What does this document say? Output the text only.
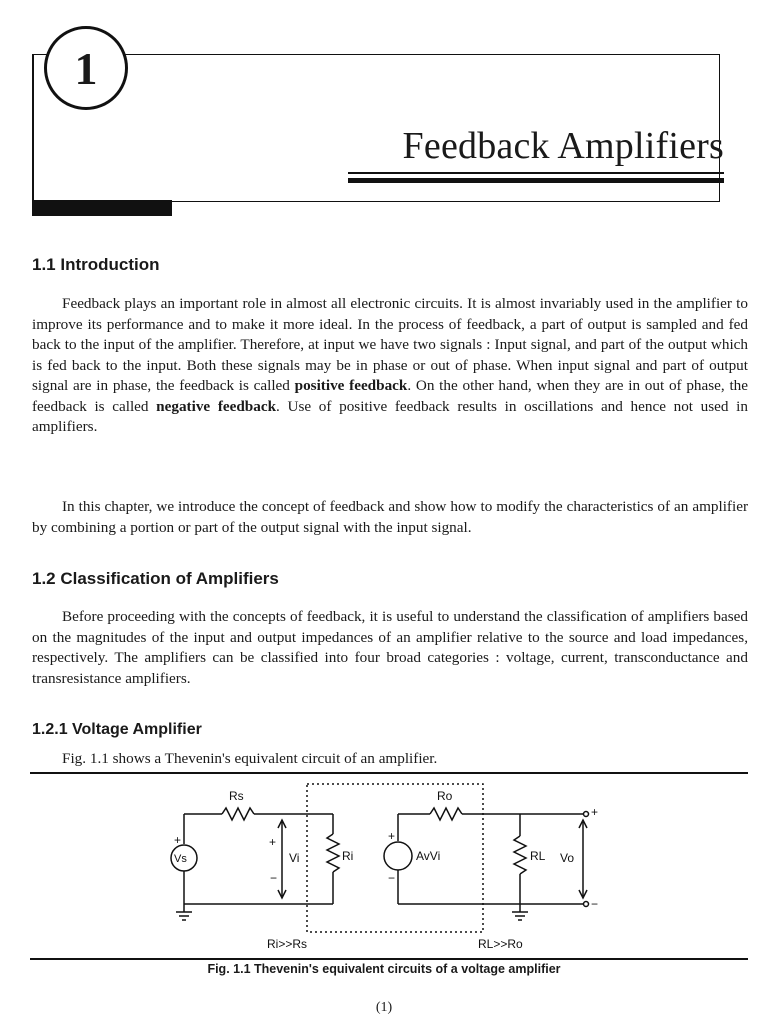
1
Feedback Amplifiers
1.1 Introduction

Feedback plays an important role in almost all electronic circuits. It is almost invariably used in the amplifier to improve its performance and to make it more ideal. In the process of feedback, a part of output is sampled and fed back to the input of the amplifier. Therefore, at input we have two signals : Input signal, and part of the output which is fed back to the input. Both these signals may be in phase or out of phase. When input signal and part of output signal are in phase, the feedback is called positive feedback. On the other hand, when they are in out of phase, the feedback is called negative feedback. Use of positive feedback results in oscillations and hence not used in amplifiers.

In this chapter, we introduce the concept of feedback and show how to modify the characteristics of an amplifier by combining a portion or part of the output signal with the input signal.

1.2 Classification of Amplifiers

Before proceeding with the concepts of feedback, it is useful to understand the classification of amplifiers based on the magnitudes of the input and output impedances of an amplifier relative to the source and load impedances, respectively. The amplifiers can be classified into four broad categories : voltage, current, transconductance and transresistance amplifiers.

1.2.1 Voltage Amplifier

Fig. 1.1 shows a Thevenin's equivalent circuit of an amplifier.

Rs	Ro
Vs
+	+
Vi
−
Ri
+
AvVi
−
RL
+
Vo
−
Ri>>Rs	RL>>Ro
Fig. 1.1 Thevenin's equivalent circuits of a voltage amplifier
(1)
